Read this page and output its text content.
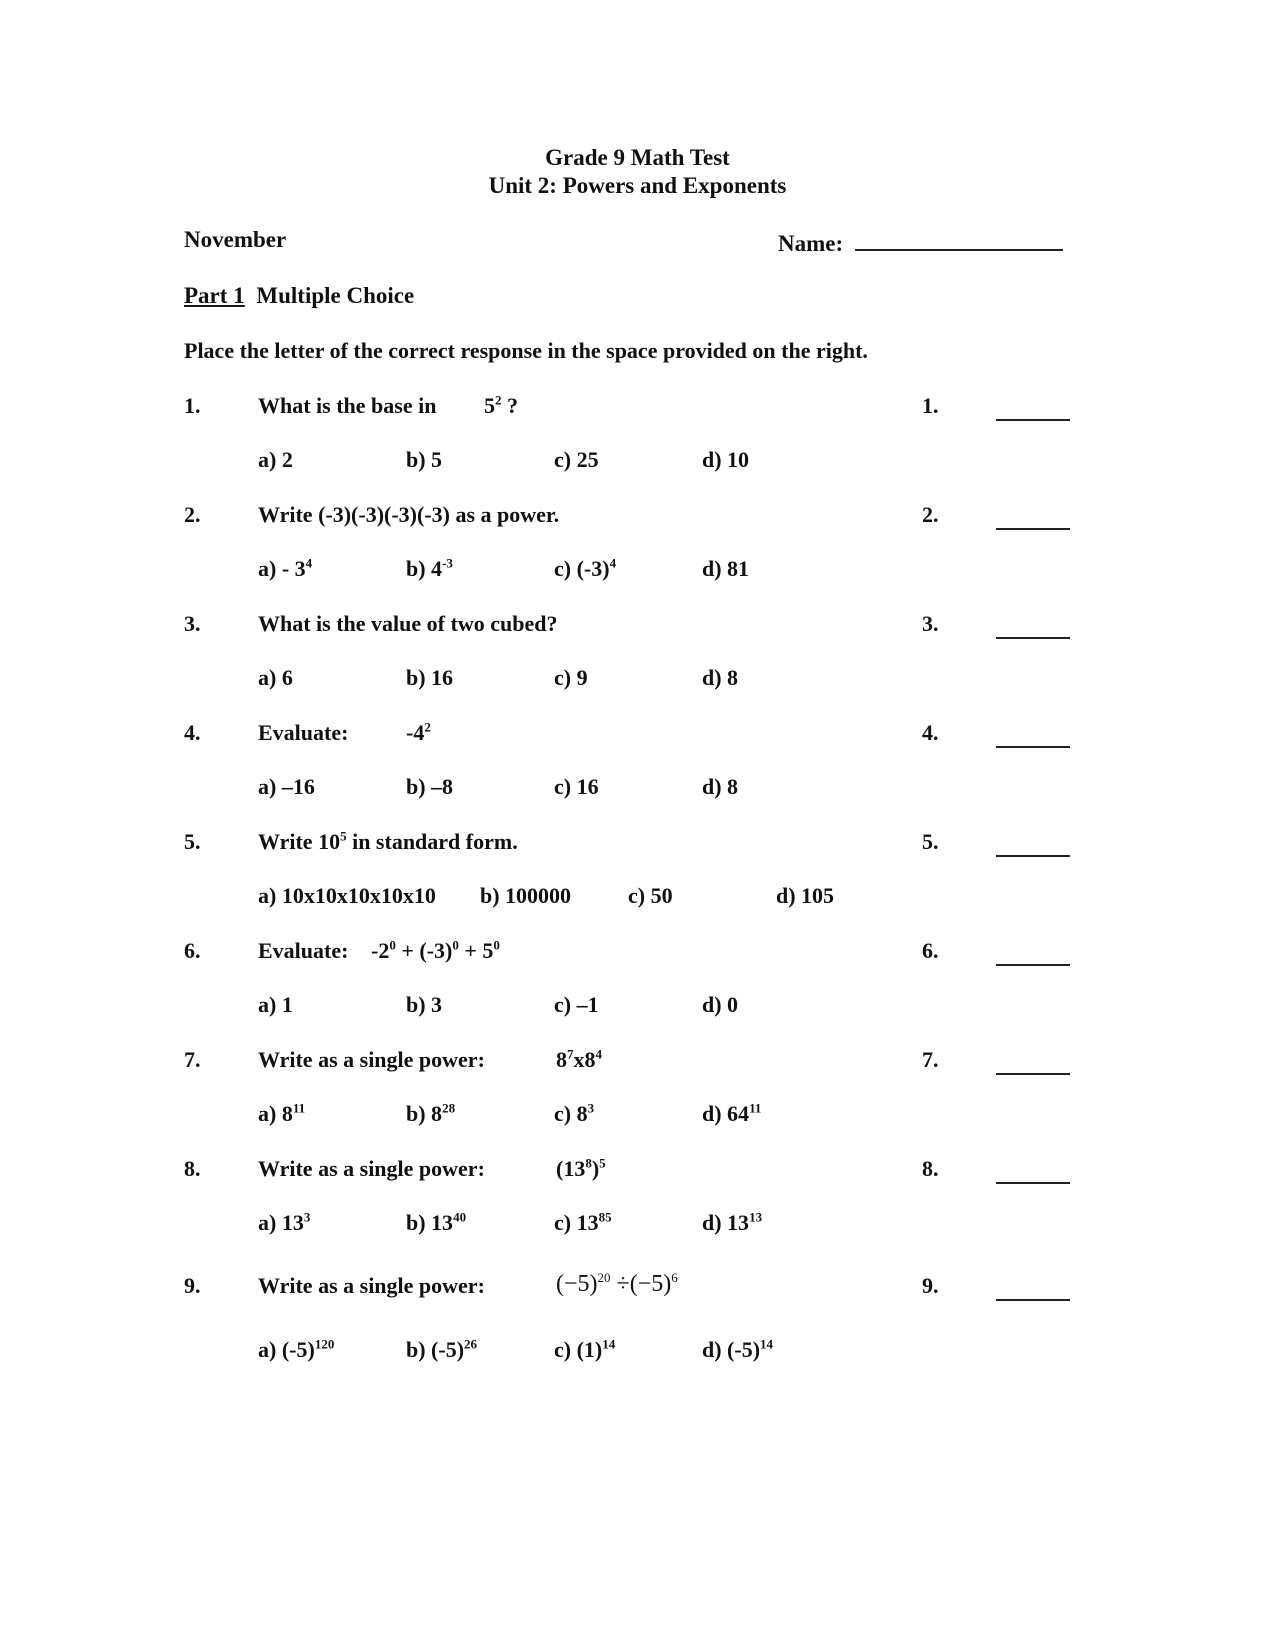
Grade 9 Math Test
Unit 2: Powers and Exponents
November	Name:
Part 1 Multiple Choice
Place the letter of the correct response in the space provided on the right.
1.	What is the base in $5^2$ ?	1.
a) 2	b) 5	c) 25	d) 10
2.	Write (-3)(-3)(-3)(-3) as a power.	2.
$a) - 3^4$	b) $4^{-3}$	c) $(-3)^4$	d) 81
3.	What is the value of two cubed?	3.
a) 6	b) 16	c) 9	d) 8
4.	Evaluate:	$-4^2$	4.
a) –16	b) –8	c) 16	d) 8
5.	Write $10^5$ in standard form.	5.
a) 10x10x10x10x10 b) 100000	c) 50	d) 105
6.	Evaluate: $-2^0 + (-3)^0 + 5^0$	6.
a) 1	b) 3	c) –1	d) 0
7.	Write as a single power:	$8^7x8^4$	7.
a) $8^{11}$	b) $8^{28}$	c) $8^3$	d) $64^{11}$
8.	Write as a single power:	$(13^8)^5$	8.
a) $13^3$	b) $13^{40}$	c) $13^{85}$	d) $13^{13}$
9.	Write as a single power:	$(-5)^{20} \div(-5)^6$	9.
a) $(-5)^{120}$	b) $(-5)^{26}$	c) $(1)^{14}$	d) $(-5)^{14}$
